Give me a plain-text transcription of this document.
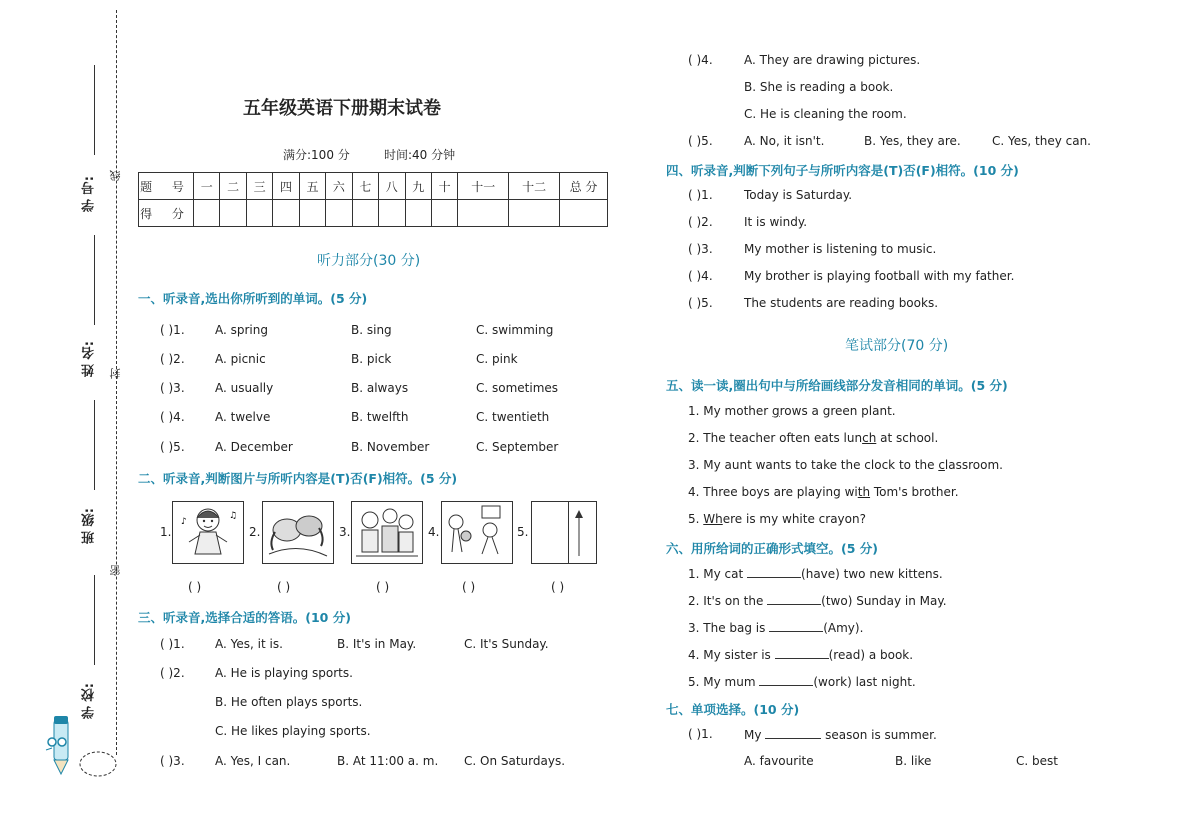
学 号:
姓 名:
班 级:
学 校:
线
封
密
五年级英语下册期末试卷
满分:100 分	时间:40 分钟
题 号	一	二	三	四	五	六	七	八	九	十	十一	十二	总 分
得 分													
听力部分(30 分)
一、听录音,选出你所听到的单词。(5 分)
( )1.	A. spring	B. sing	C. swimming
( )2.	A. picnic	B. pick	C. pink
( )3.	A. usually	B. always	C. sometimes
( )4.	A. twelve	B. twelfth	C. twentieth
( )5.	A. December	B. November	C. September
二、听录音,判断图片与所听内容是(T)否(F)相符。(5 分)
1.
♪
♫
2.	3.	4.	5.
( )	( )	( )	( )	( )
三、听录音,选择合适的答语。(10 分)
( )1.	A. Yes, it is.	B. It's in May.	C. It's Sunday.
( )2.	A. He is playing sports.
B. He often plays sports.
C. He likes playing sports.
( )3.	A. Yes, I can.	B. At 11:00 a. m. C. On Saturdays.
( )4.	A. They are drawing pictures.
B. She is reading a book.
C. He is cleaning the room.
( )5.	A. No, it isn't.	B. Yes, they are.	C. Yes, they can.
四、听录音,判断下列句子与所听内容是(T)否(F)相符。(10 分)
( )1.	Today is Saturday.
( )2.	It is windy.
( )3.	My mother is listening to music.
( )4.	My brother is playing football with my father.
( )5.	The students are reading books.
笔试部分(70 分)
五、读一读,圈出句中与所给画线部分发音相同的单词。(5 分)
1. My mother grows a green plant.
2. The teacher often eats lunch at school.
3. My aunt wants to take the clock to the classroom.
4. Three boys are playing with Tom's brother.
5. Where is my white crayon?
六、用所给词的正确形式填空。(5 分)
1. My cat	(have) two new kittens.
2. It's on the	(two) Sunday in May.
3. The bag is	(Amy).
4. My sister is	(read) a book.
5. My mum	(work) last night.
七、单项选择。(10 分)
( )1.	My	season is summer.
A. favourite	B. like	C. best
